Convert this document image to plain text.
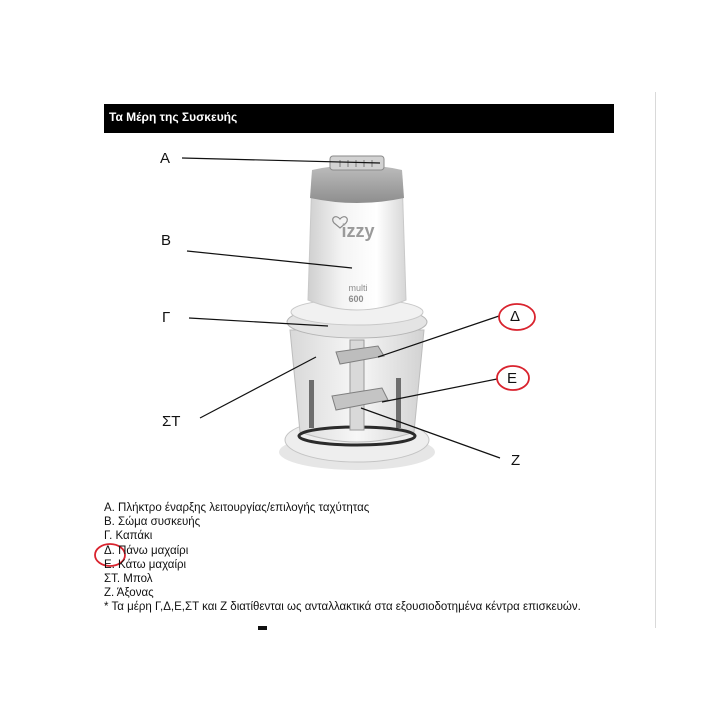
Τα Μέρη της Συσκευής
izzy
multi
600
Α
Β
Γ	Δ
Ε
ΣΤ
Ζ
Α. Πλήκτρο έναρξης λειτουργίας/επιλογής ταχύτητας
Β. Σώμα συσκευής
Γ. Καπάκι
Δ. Πάνω μαχαίρι
Ε. Κάτω μαχαίρι
ΣΤ. Μπολ
Ζ. Άξονας
* Τα μέρη Γ,Δ,Ε,ΣΤ και Ζ διατίθενται ως ανταλλακτικά στα εξουσιοδοτημένα κέντρα επισκευών.
